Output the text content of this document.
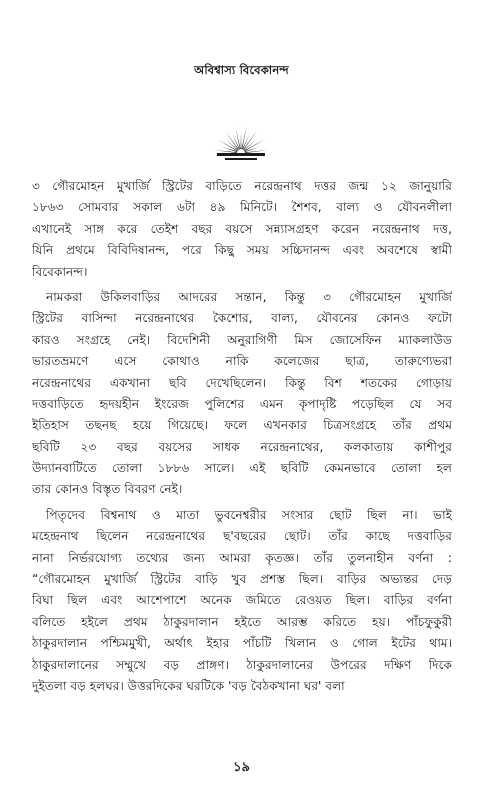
অবিশ্বাস্য বিবেকানন্দ
৩ গৌরমোহন মুখার্জি স্ট্রিটের বাড়িতে নরেন্দ্রনাথ দত্তর জন্ম ১২ জানুয়ারি
১৮৬৩ সোমবার সকাল ৬টা ৪৯ মিনিটে। শৈশব, বাল্য ও যৌবনলীলা
এখানেই সাঙ্গ করে তেইশ বছর বয়সে সন্ন্যাসগ্রহণ করেন নরেন্দ্রনাথ দত্ত,
যিনি প্রথমে বিবিদিষানন্দ, পরে কিছু সময় সচ্চিদানন্দ এবং অবশেষে স্বামী
বিবেকানন্দ।
নামকরা উকিলবাড়ির আদরের সন্তান, কিন্তু ৩ গৌরমোহন মুখার্জি
স্ট্রিটের বাসিন্দা নরেন্দ্রনাথের কৈশোর, বাল্য, যৌবনের কোনও ফটো
কারও সংগ্রহে নেই। বিদেশিনী অনুরাগিণী মিস জোসেফিন ম্যাকলাউড
ভারতভ্রমণে এসে কোথাও নাকি কলেজের ছাত্র, তারুণ্যেভরা
নরেন্দ্রনাথের একখানা ছবি দেখেছিলেন। কিন্তু বিশ শতকের গোড়ায়
দত্তবাড়িতে হৃদয়হীন ইংরেজ পুলিশের এমন কৃপাদৃষ্টি পড়েছিল যে সব
ইতিহাস তছনছ হয়ে গিয়েছে। ফলে এখনকার চিত্রসংগ্রহে তাঁর প্রথম
ছবিটি ২৩ বছর বয়সের সাধক নরেন্দ্রনাথের, কলকাতায় কাশীপুর
উদ্যানবাটিতে তোলা ১৮৮৬ সালে। এই ছবিটি কেমনভাবে তোলা হল
তার কোনও বিস্তৃত বিবরণ নেই।
পিতৃদেব বিশ্বনাথ ও মাতা ভুবনেশ্বরীর সংসার ছোট ছিল না। ভাই
মহেন্দ্রনাথ ছিলেন নরেন্দ্রনাথের ছ'বছরের ছোট। তাঁর কাছে দত্তবাড়ির
নানা নির্ভরযোগ্য তথ্যের জন্য আমরা কৃতজ্ঞ। তাঁর তুলনাহীন বর্ণনা :
“গৌরমোহন মুখার্জি স্ট্রিটের বাড়ি খুব প্রশস্ত ছিল। বাড়ির অভ্যন্তর দেড়
বিঘা ছিল এবং আশেপাশে অনেক জমিতে রেওয়ত ছিল। বাড়ির বর্ণনা
বলিতে হইলে প্রথম ঠাকুরদালান হইতে আরম্ভ করিতে হয়। পাঁচফুকুরী
ঠাকুরদালান পশ্চিমমুখী, অর্থাৎ ইহার পাঁচটি খিলান ও গোল ইটের থাম।
ঠাকুরদালানের সম্মুখে বড় প্রাঙ্গণ। ঠাকুরদালানের উপরের দক্ষিণ দিকে
দুইতলা বড় হলঘর। উত্তরদিকের ঘরটিকে 'বড় বৈঠকখানা ঘর' বলা
১৯
